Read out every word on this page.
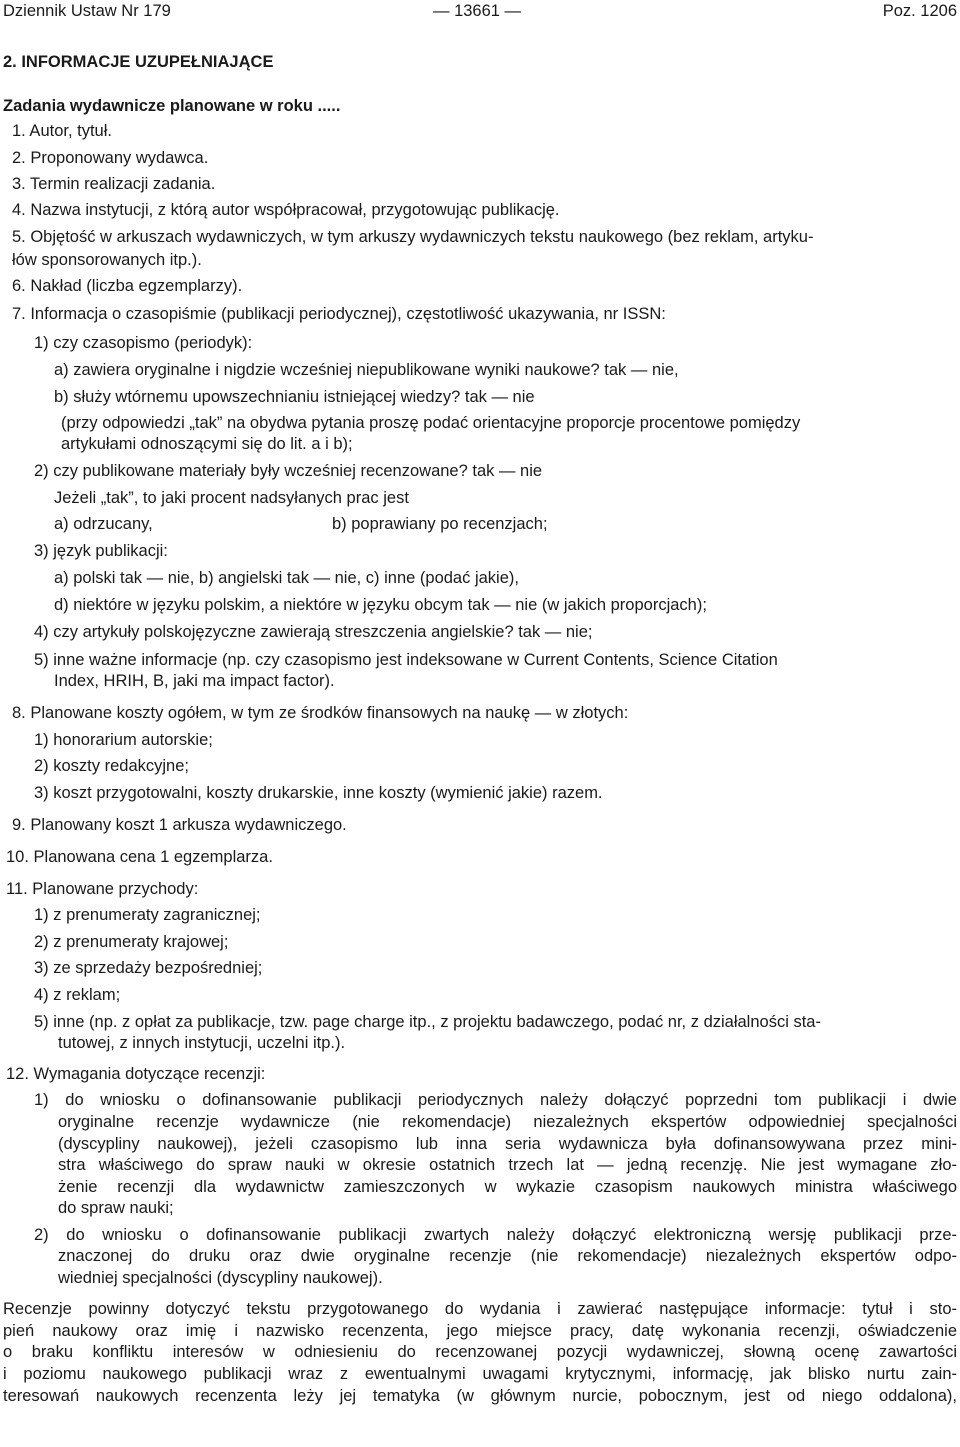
Dziennik Ustaw Nr 179	— 13661 —	Poz. 1206
2. INFORMACJE UZUPEŁNIAJĄCE
Zadania wydawnicze planowane w roku .....
1. Autor, tytuł.
2. Proponowany wydawca.
3. Termin realizacji zadania.
4. Nazwa instytucji, z którą autor współpracował, przygotowując publikację.
5. Objętość w arkuszach wydawniczych, w tym arkuszy wydawniczych tekstu naukowego (bez reklam, artyku-
łów sponsorowanych itp.).
6. Nakład (liczba egzemplarzy).
7. Informacja o czasopiśmie (publikacji periodycznej), częstotliwość ukazywania, nr ISSN:
1) czy czasopismo (periodyk):
a) zawiera oryginalne i nigdzie wcześniej niepublikowane wyniki naukowe? tak — nie,
b) służy wtórnemu upowszechnianiu istniejącej wiedzy? tak — nie
(przy odpowiedzi „tak” na obydwa pytania proszę podać orientacyjne proporcje procentowe pomiędzy
artykułami odnoszącymi się do lit. a i b);
2) czy publikowane materiały były wcześniej recenzowane? tak — nie
Jeżeli „tak”, to jaki procent nadsyłanych prac jest
a) odrzucany,	b) poprawiany po recenzjach;
3) język publikacji:
a) polski tak — nie, b) angielski tak — nie, c) inne (podać jakie),
d) niektóre w języku polskim, a niektóre w języku obcym tak — nie (w jakich proporcjach);
4) czy artykuły polskojęzyczne zawierają streszczenia angielskie? tak — nie;
5) inne ważne informacje (np. czy czasopismo jest indeksowane w Current Contents, Science Citation
Index, HRIH, B, jaki ma impact factor).
8. Planowane koszty ogółem, w tym ze środków finansowych na naukę — w złotych:
1) honorarium autorskie;
2) koszty redakcyjne;
3) koszt przygotowalni, koszty drukarskie, inne koszty (wymienić jakie) razem.
9. Planowany koszt 1 arkusza wydawniczego.
10. Planowana cena 1 egzemplarza.
11. Planowane przychody:
1) z prenumeraty zagranicznej;
2) z prenumeraty krajowej;
3) ze sprzedaży bezpośredniej;
4) z reklam;
5) inne (np. z opłat za publikacje, tzw. page charge itp., z projektu badawczego, podać nr, z działalności sta-
tutowej, z innych instytucji, uczelni itp.).
12. Wymagania dotyczące recenzji:
1) do wniosku o dofinansowanie publikacji periodycznych należy dołączyć poprzedni tom publikacji i dwie
oryginalne recenzje wydawnicze (nie rekomendacje) niezależnych ekspertów odpowiedniej specjalności
(dyscypliny naukowej), jeżeli czasopismo lub inna seria wydawnicza była dofinansowywana przez mini-
stra właściwego do spraw nauki w okresie ostatnich trzech lat — jedną recenzję. Nie jest wymagane zło-
żenie recenzji dla wydawnictw zamieszczonych w wykazie czasopism naukowych ministra właściwego
do spraw nauki;
2) do wniosku o dofinansowanie publikacji zwartych należy dołączyć elektroniczną wersję publikacji prze-
znaczonej do druku oraz dwie oryginalne recenzje (nie rekomendacje) niezależnych ekspertów odpo-
wiedniej specjalności (dyscypliny naukowej).
Recenzje powinny dotyczyć tekstu przygotowanego do wydania i zawierać następujące informacje: tytuł i sto-
pień naukowy oraz imię i nazwisko recenzenta, jego miejsce pracy, datę wykonania recenzji, oświadczenie
o braku konfliktu interesów w odniesieniu do recenzowanej pozycji wydawniczej, słowną ocenę zawartości
i poziomu naukowego publikacji wraz z ewentualnymi uwagami krytycznymi, informację, jak blisko nurtu zain-
teresowań naukowych recenzenta leży jej tematyka (w głównym nurcie, pobocznym, jest od niego oddalona),
